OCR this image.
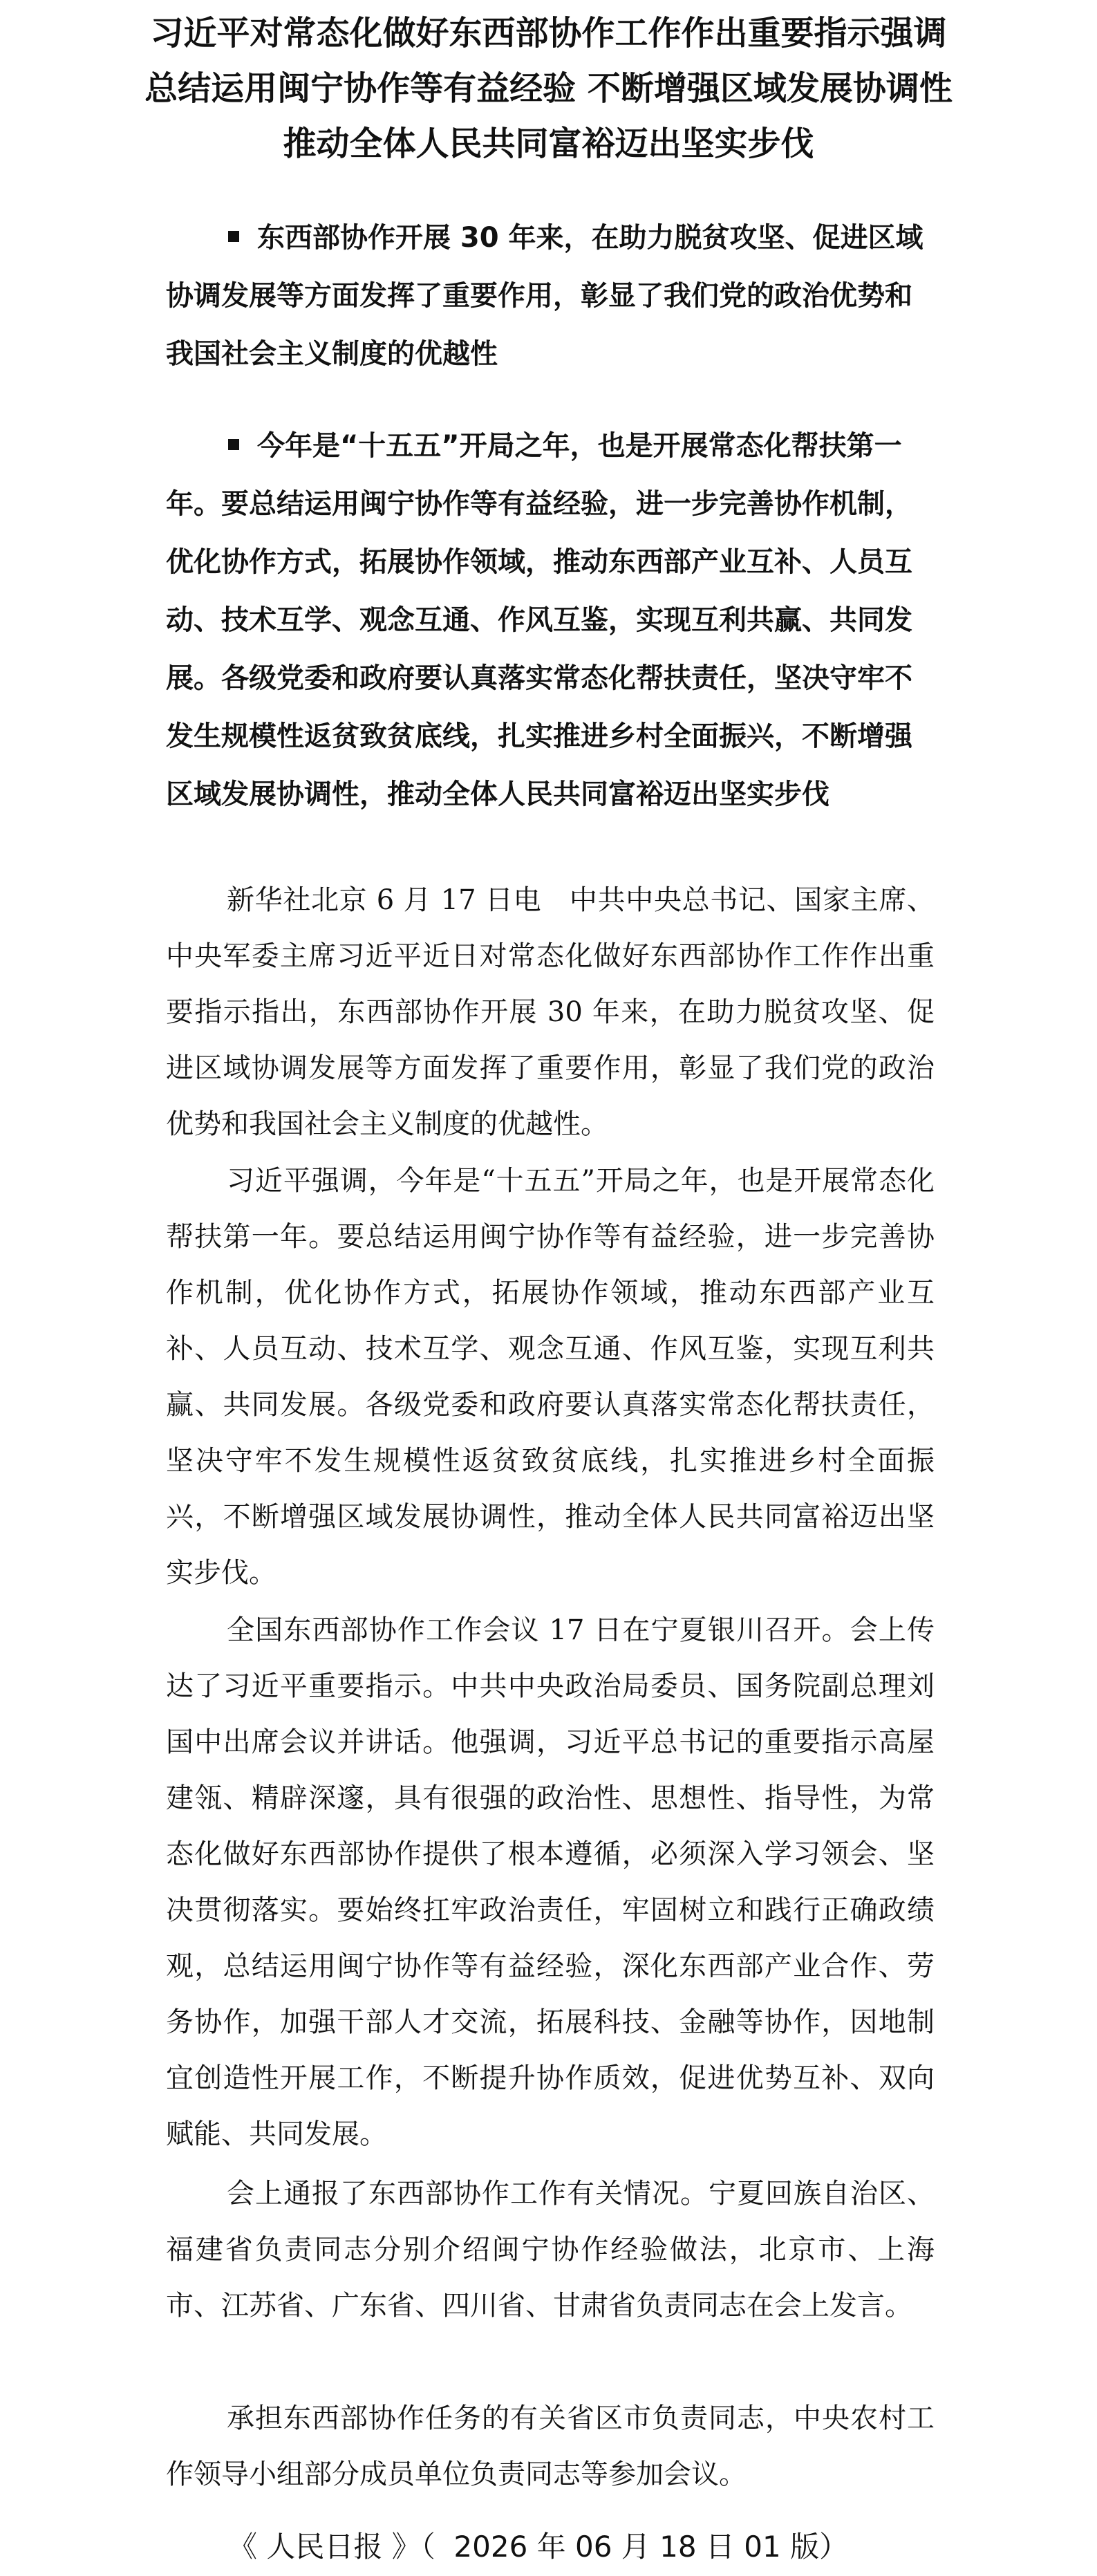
习近平对常态化做好东西部协作工作作出重要指示强调
总结运用闽宁协作等有益经验 不断增强区域发展协调性
推动全体人民共同富裕迈出坚实步伐

东西部协作开展 30 年来，在助力脱贫攻坚、促进区域协调发展等方面发挥了重要作用，彰显了我们党的政治优势和我国社会主义制度的优越性

今年是“十五五”开局之年，也是开展常态化帮扶第一年。要总结运用闽宁协作等有益经验，进一步完善协作机制，优化协作方式，拓展协作领域，推动东西部产业互补、人员互动、技术互学、观念互通、作风互鉴，实现互利共赢、共同发展。各级党委和政府要认真落实常态化帮扶责任，坚决守牢不发生规模性返贫致贫底线，扎实推进乡村全面振兴，不断增强区域发展协调性，推动全体人民共同富裕迈出坚实步伐

新华社北京 6 月 17 日电　中共中央总书记、国家主席、中央军委主席习近平近日对常态化做好东西部协作工作作出重要指示指出，东西部协作开展 30 年来，在助力脱贫攻坚、促进区域协调发展等方面发挥了重要作用，彰显了我们党的政治优势和我国社会主义制度的优越性。

习近平强调，今年是“十五五”开局之年，也是开展常态化帮扶第一年。要总结运用闽宁协作等有益经验，进一步完善协作机制，优化协作方式，拓展协作领域，推动东西部产业互补、人员互动、技术互学、观念互通、作风互鉴，实现互利共赢、共同发展。各级党委和政府要认真落实常态化帮扶责任，坚决守牢不发生规模性返贫致贫底线，扎实推进乡村全面振兴，不断增强区域发展协调性，推动全体人民共同富裕迈出坚实步伐。

全国东西部协作工作会议 17 日在宁夏银川召开。会上传达了习近平重要指示。中共中央政治局委员、国务院副总理刘国中出席会议并讲话。他强调，习近平总书记的重要指示高屋建瓴、精辟深邃，具有很强的政治性、思想性、指导性，为常态化做好东西部协作提供了根本遵循，必须深入学习领会、坚决贯彻落实。要始终扛牢政治责任，牢固树立和践行正确政绩观，总结运用闽宁协作等有益经验，深化东西部产业合作、劳务协作，加强干部人才交流，拓展科技、金融等协作，因地制宜创造性开展工作，不断提升协作质效，促进优势互补、双向赋能、共同发展。

会上通报了东西部协作工作有关情况。宁夏回族自治区、福建省负责同志分别介绍闽宁协作经验做法，北京市、上海市、江苏省、广东省、四川省、甘肃省负责同志在会上发言。

承担东西部协作任务的有关省区市负责同志，中央农村工作领导小组部分成员单位负责同志等参加会议。

《 人民日报 》（  2026 年 06 月 18 日 01 版）
